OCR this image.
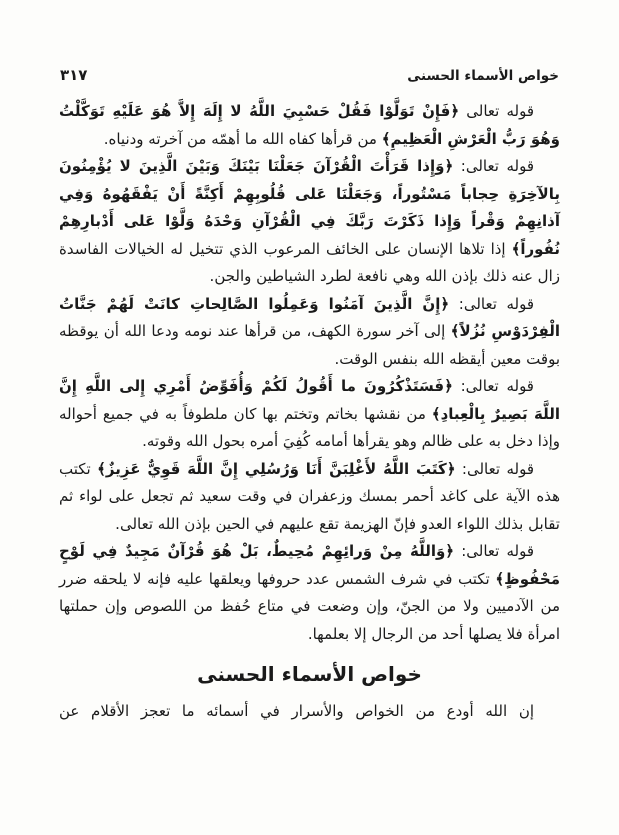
خواص الأسماء الحسنى
٣١٧

قوله تعالى ﴿فَإِنْ تَوَلَّوْا فَقُلْ حَسْبِيَ اللَّهُ لا إِلَهَ إِلاَّ هُوَ عَلَيْهِ تَوَكَّلْتُ وَهُوَ رَبُّ الْعَرْشِ الْعَظِيمِ﴾ من قرأها كفاه الله ما أهمّه من آخرته ودنياه.

قوله تعالى: ﴿وَإِذا قَرَأْتَ الْقُرْآنَ جَعَلْنَا بَيْنَكَ وَبَيْنَ الَّذِينَ لا يُؤْمِنُونَ بِالآخِرَةِ حِجاباً مَسْتُوراً، وَجَعَلْنَا عَلى قُلُوبِهِمْ أَكِنَّةً أَنْ يَفْقَهُوهُ وَفِي آذانِهِمْ وَقْراً وَإِذا ذَكَرْتَ رَبَّكَ فِي الْقُرْآنِ وَحْدَهُ وَلَّوْا عَلى أَدْبارِهِمْ نُفُوراً﴾ إذا تلاها الإنسان على الخائف المرعوب الذي تتخيل له الخيالات الفاسدة زال عنه ذلك بإذن الله وهي نافعة لطرد الشياطين والجن.

قوله تعالى: ﴿إِنَّ الَّذِينَ آمَنُوا وَعَمِلُوا الصَّالِحاتِ كانَتْ لَهُمْ جَنَّاتُ الْفِرْدَوْسِ نُزُلاً﴾ إلى آخر سورة الكهف، من قرأها عند نومه ودعا الله أن يوقظه بوقت معين أيقظه الله بنفس الوقت.

قوله تعالى: ﴿فَسَتَذْكُرُونَ ما أَقُولُ لَكُمْ وَأُفَوِّضُ أَمْرِي إِلى اللَّهِ إِنَّ اللَّهَ بَصِيرٌ بِالْعِبادِ﴾ من نقشها بخاتم وتختم بها كان ملطوفاً به في جميع أحواله وإذا دخل به على ظالم وهو يقرأها أمامه كُفِيَ أمره بحول الله وقوته.

قوله تعالى: ﴿كَتَبَ اللَّهُ لأَغْلِبَنَّ أَنَا وَرُسُلِي إِنَّ اللَّهَ قَوِيٌّ عَزِيزٌ﴾ تكتب هذه الآية على كاغد أحمر بمسك وزعفران في وقت سعيد ثم تجعل على لواء ثم تقابل بذلك اللواء العدو فإنّ الهزيمة تقع عليهم في الحين بإذن الله تعالى.

قوله تعالى: ﴿وَاللَّهُ مِنْ وَرائِهِمْ مُحِيطٌ، بَلْ هُوَ قُرْآنٌ مَجِيدٌ فِي لَوْحٍ مَحْفُوظٍ﴾ تكتب في شرف الشمس عدد حروفها ويعلقها عليه فإنه لا يلحقه ضرر من الآدميين ولا من الجنّ، وإن وضعت في متاع حُفظ من اللصوص وإن حملتها امرأة فلا يصلها أحد من الرجال إلا بعلمها.

خواص الأسماء الحسنى

إن الله أودع من الخواص والأسرار في أسمائه ما تعجز الأقلام عن
